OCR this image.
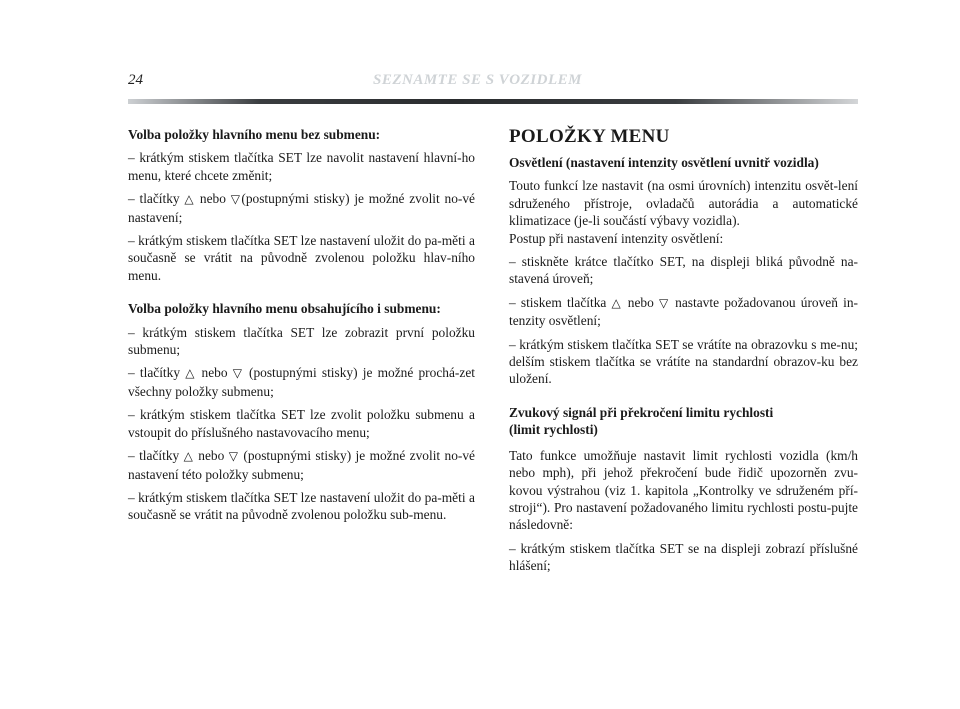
24	SEZNAMTE SE S VOZIDLEM

Volba položky hlavního menu bez submenu:

– krátkým stiskem tlačítka SET lze navolit nastavení hlavní-ho menu, které chcete změnit;

– tlačítky △ nebo ▽(postupnými stisky) je možné zvolit no-vé nastavení;

– krátkým stiskem tlačítka SET lze nastavení uložit do pa-měti a současně se vrátit na původně zvolenou položku hlav-ního menu.

Volba položky hlavního menu obsahujícího i submenu:

– krátkým stiskem tlačítka SET lze zobrazit první položku submenu;

– tlačítky △ nebo ▽ (postupnými stisky) je možné prochá-zet všechny položky submenu;

– krátkým stiskem tlačítka SET lze zvolit položku submenu a vstoupit do příslušného nastavovacího menu;

– tlačítky △ nebo ▽ (postupnými stisky) je možné zvolit no-vé nastavení této položky submenu;

– krátkým stiskem tlačítka SET lze nastavení uložit do pa-měti a současně se vrátit na původně zvolenou položku sub-menu.

POLOŽKY MENU

Osvětlení (nastavení intenzity osvětlení uvnitř vozidla)

Touto funkcí lze nastavit (na osmi úrovních) intenzitu osvět-lení sdruženého přístroje, ovladačů autorádia a automatické klimatizace (je-li součástí výbavy vozidla).

Postup při nastavení intenzity osvětlení:

– stiskněte krátce tlačítko SET, na displeji bliká původně na-stavená úroveň;

– stiskem tlačítka △ nebo ▽ nastavte požadovanou úroveň in-tenzity osvětlení;

– krátkým stiskem tlačítka SET se vrátíte na obrazovku s me-nu; delším stiskem tlačítka se vrátíte na standardní obrazov-ku bez uložení.

Zvukový signál při překročení limitu rychlosti
(limit rychlosti)

Tato funkce umožňuje nastavit limit rychlosti vozidla (km/h nebo mph), při jehož překročení bude řidič upozorněn zvu-kovou výstrahou (viz 1. kapitola „Kontrolky ve sdruženém pří-stroji“). Pro nastavení požadovaného limitu rychlosti postu-pujte následovně:

– krátkým stiskem tlačítka SET se na displeji zobrazí příslušné hlášení;
